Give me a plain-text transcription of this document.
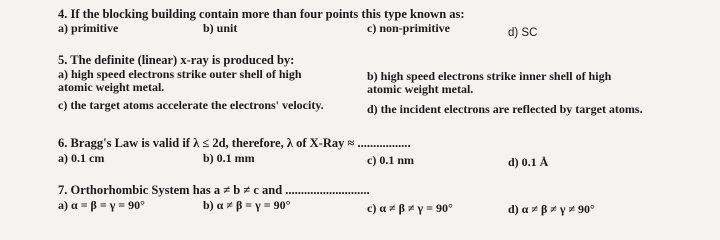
4. If the blocking building contain more than four points this type known as:
a) primitive	b) unit	c) non-primitive	d) SC
5. The definite (linear) x-ray is produced by:
a) high speed electrons strike outer shell of high
atomic weight metal.
b) high speed electrons strike inner shell of high
atomic weight metal.
c) the target atoms accelerate the electrons' velocity.	d) the incident electrons are reflected by target atoms.
6. Bragg's Law is valid if λ ≤ 2d, therefore, λ of X-Ray ≈ .................
a) 0.1 cm	b) 0.1 mm	c) 0.1 nm	d) 0.1 Å
7. Orthorhombic System has a ≠ b ≠ c and ...........................
a) α = β = γ = 90°	b) α ≠ β = γ = 90°	c) α ≠ β ≠ γ = 90°	d) α ≠ β ≠ γ ≠ 90°
